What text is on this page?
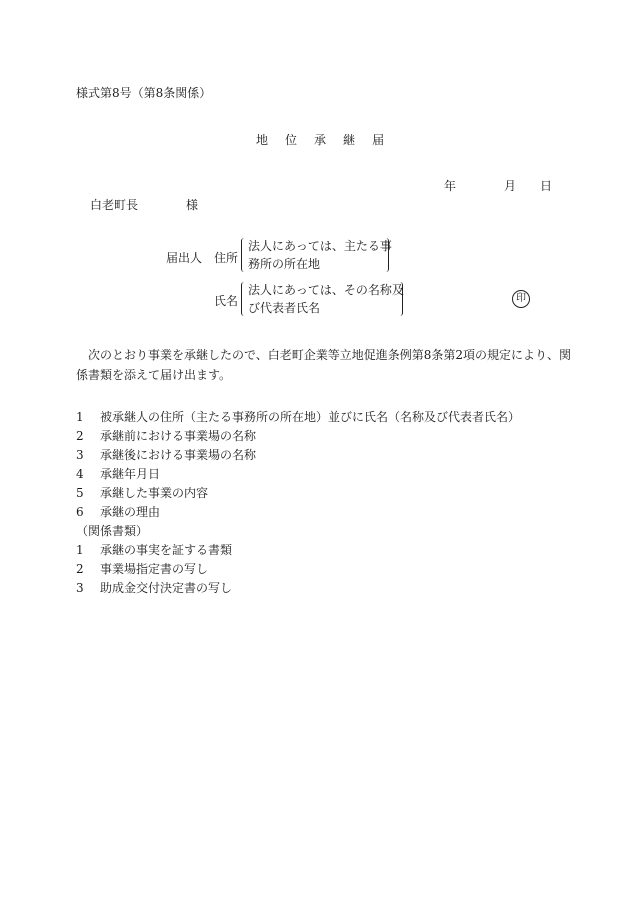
様式第8号（第8条関係）
地 位 承 継 届
年	月 日
白老町長	様
届出人 住所
法人にあっては、主たる事
務所の所在地
氏名
法人にあっては、その名称及
び代表者氏名
印

　次のとおり事業を承継したので、白老町企業等立地促進条例第8条第2項の規定により、関係書類を添えて届け出ます。

1 被承継人の住所（主たる事務所の所在地）並びに氏名（名称及び代表者氏名）
2 承継前における事業場の名称
3 承継後における事業場の名称
4 承継年月日
5 承継した事業の内容
6 承継の理由
（関係書類）
1 承継の事実を証する書類
2 事業場指定書の写し
3 助成金交付決定書の写し
